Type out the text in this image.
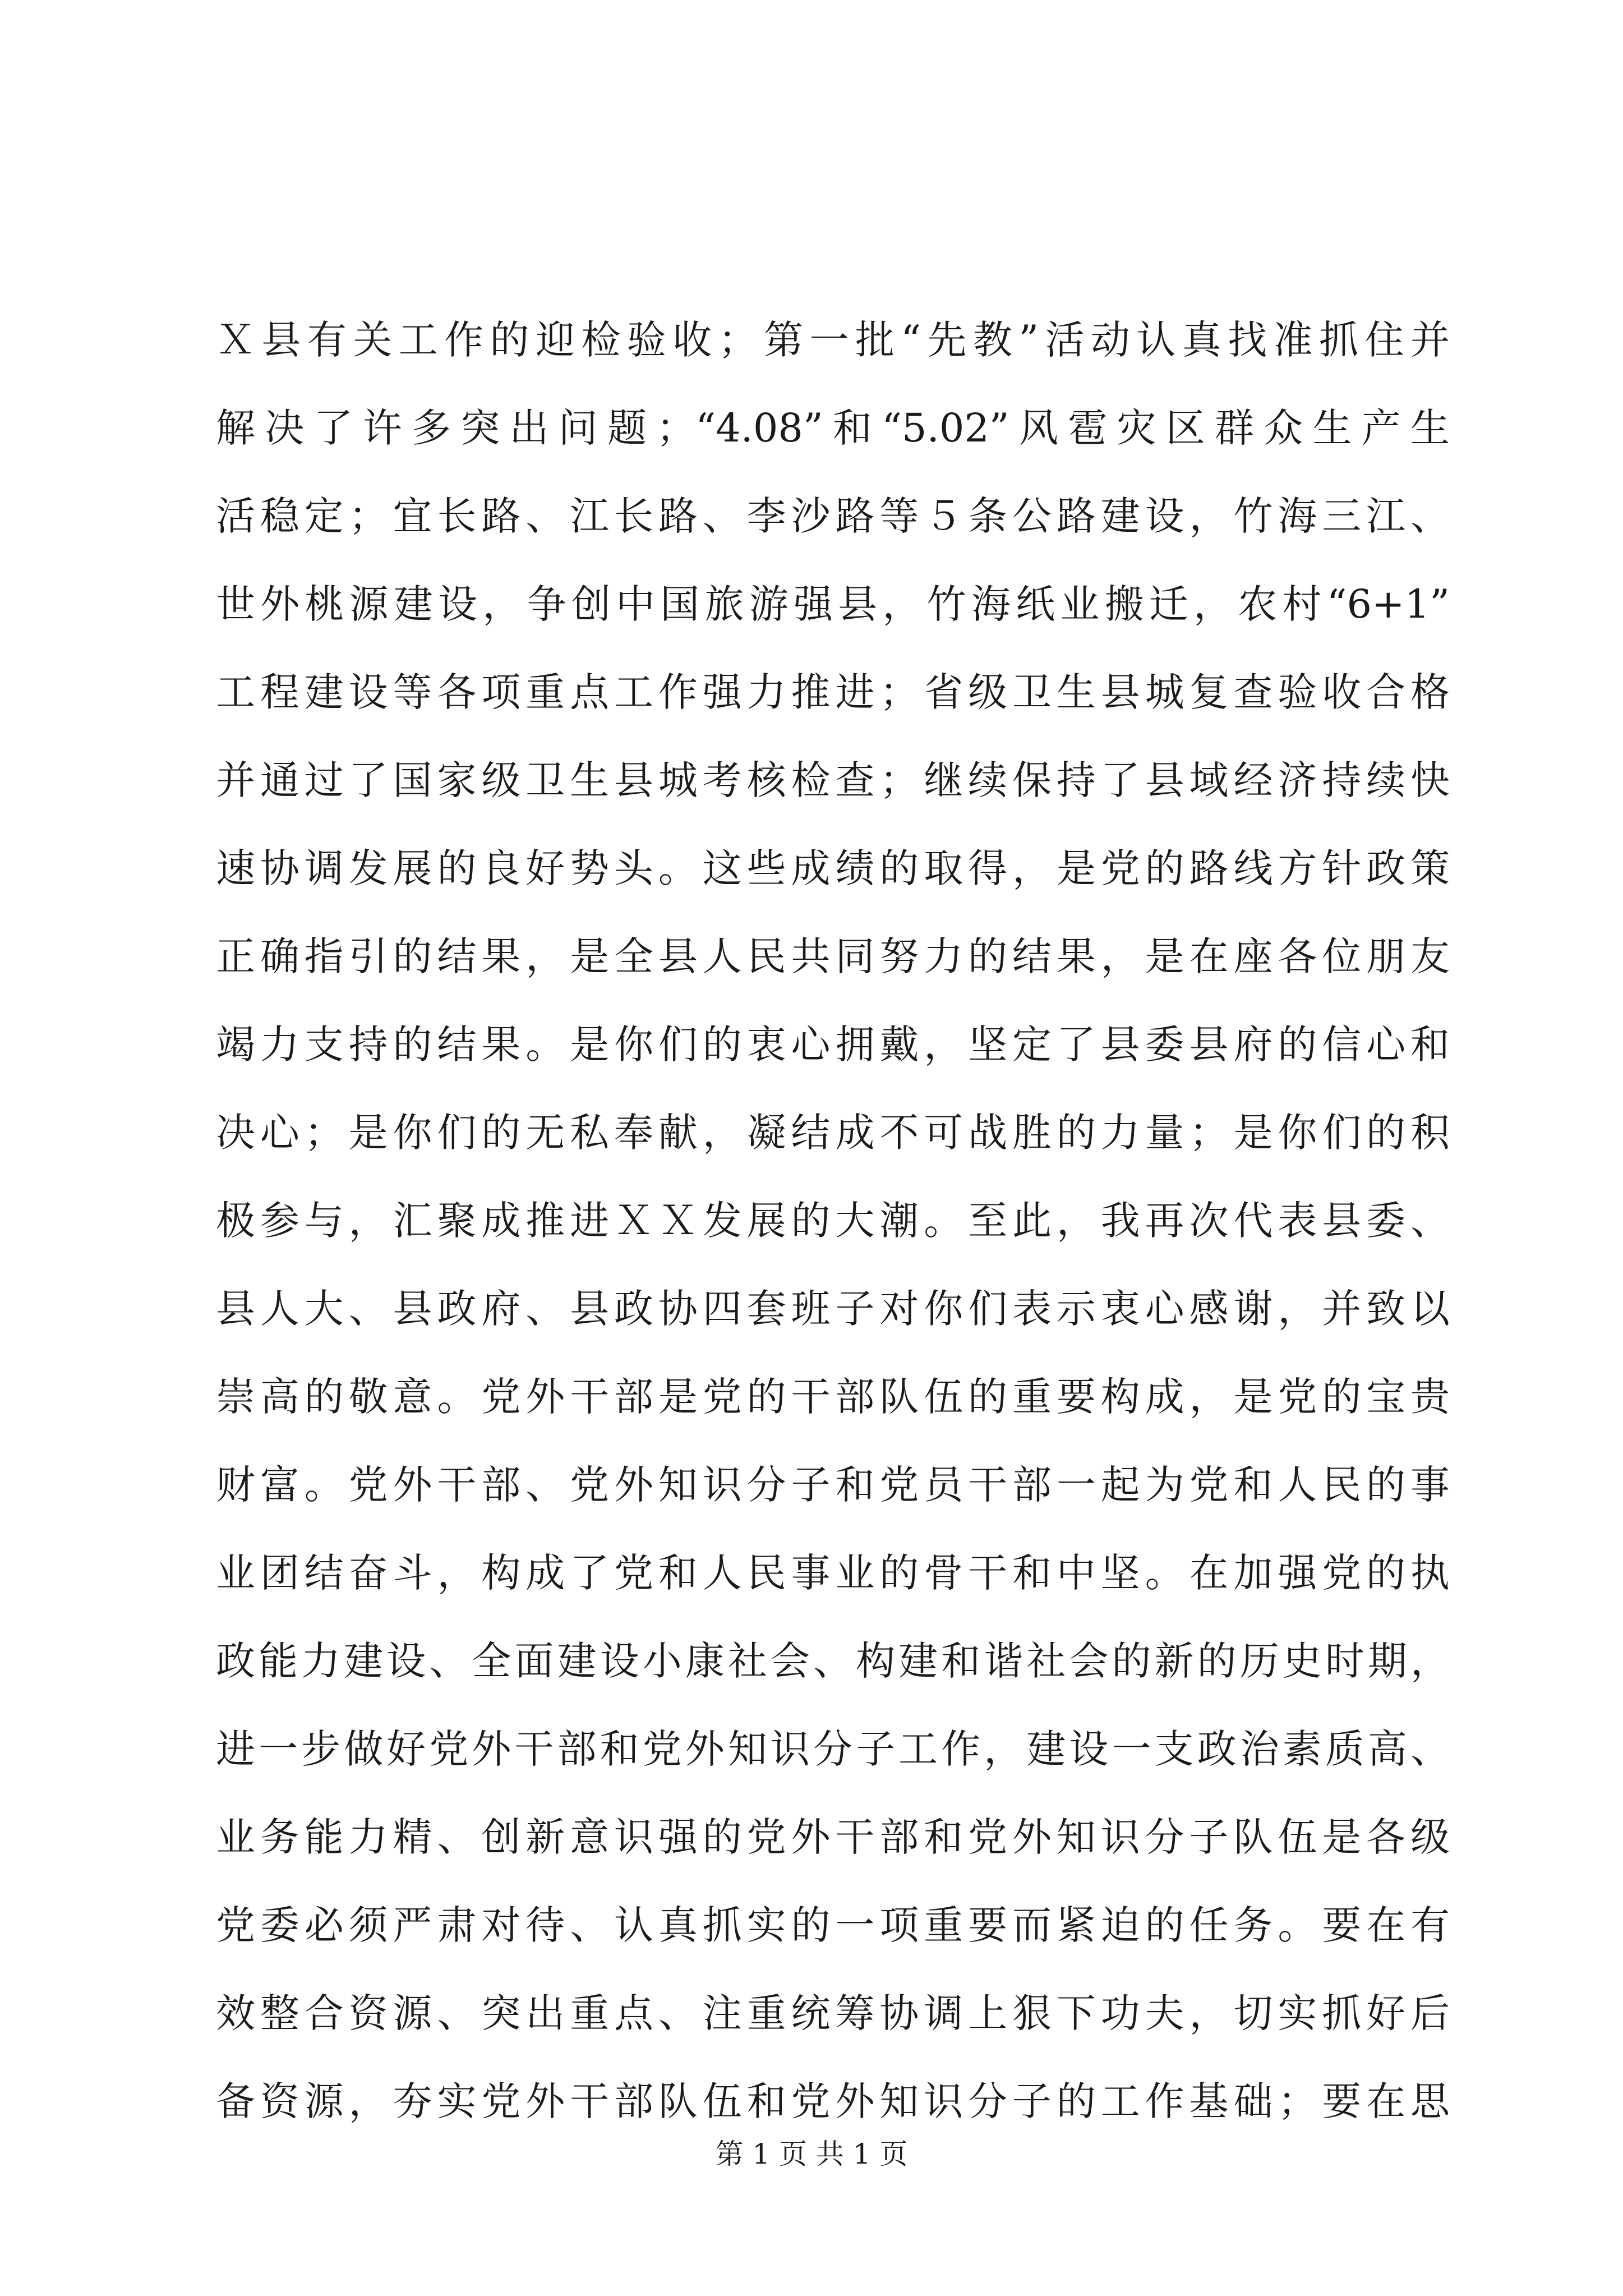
Ｘ县有关工作的迎检验收；第一批“先教”活动认真找准抓住并
解决了许多突出问题；“4.08”和“5.02”风雹灾区群众生产生
活稳定；宜长路、江长路、李沙路等５条公路建设，竹海三江、
世外桃源建设，争创中国旅游强县，竹海纸业搬迁，农村“6+1”
工程建设等各项重点工作强力推进；省级卫生县城复查验收合格
并通过了国家级卫生县城考核检查；继续保持了县域经济持续快
速协调发展的良好势头。这些成绩的取得，是党的路线方针政策
正确指引的结果，是全县人民共同努力的结果，是在座各位朋友
竭力支持的结果。是你们的衷心拥戴，坚定了县委县府的信心和
决心；是你们的无私奉献，凝结成不可战胜的力量；是你们的积
极参与，汇聚成推进ＸＸ发展的大潮。至此，我再次代表县委、
县人大、县政府、县政协四套班子对你们表示衷心感谢，并致以
崇高的敬意。党外干部是党的干部队伍的重要构成，是党的宝贵
财富。党外干部、党外知识分子和党员干部一起为党和人民的事
业团结奋斗，构成了党和人民事业的骨干和中坚。在加强党的执
政能力建设、全面建设小康社会、构建和谐社会的新的历史时期，
进一步做好党外干部和党外知识分子工作，建设一支政治素质高、
业务能力精、创新意识强的党外干部和党外知识分子队伍是各级
党委必须严肃对待、认真抓实的一项重要而紧迫的任务。要在有
效整合资源、突出重点、注重统筹协调上狠下功夫，切实抓好后
备资源，夯实党外干部队伍和党外知识分子的工作基础；要在思
第 1 页 共 1 页
